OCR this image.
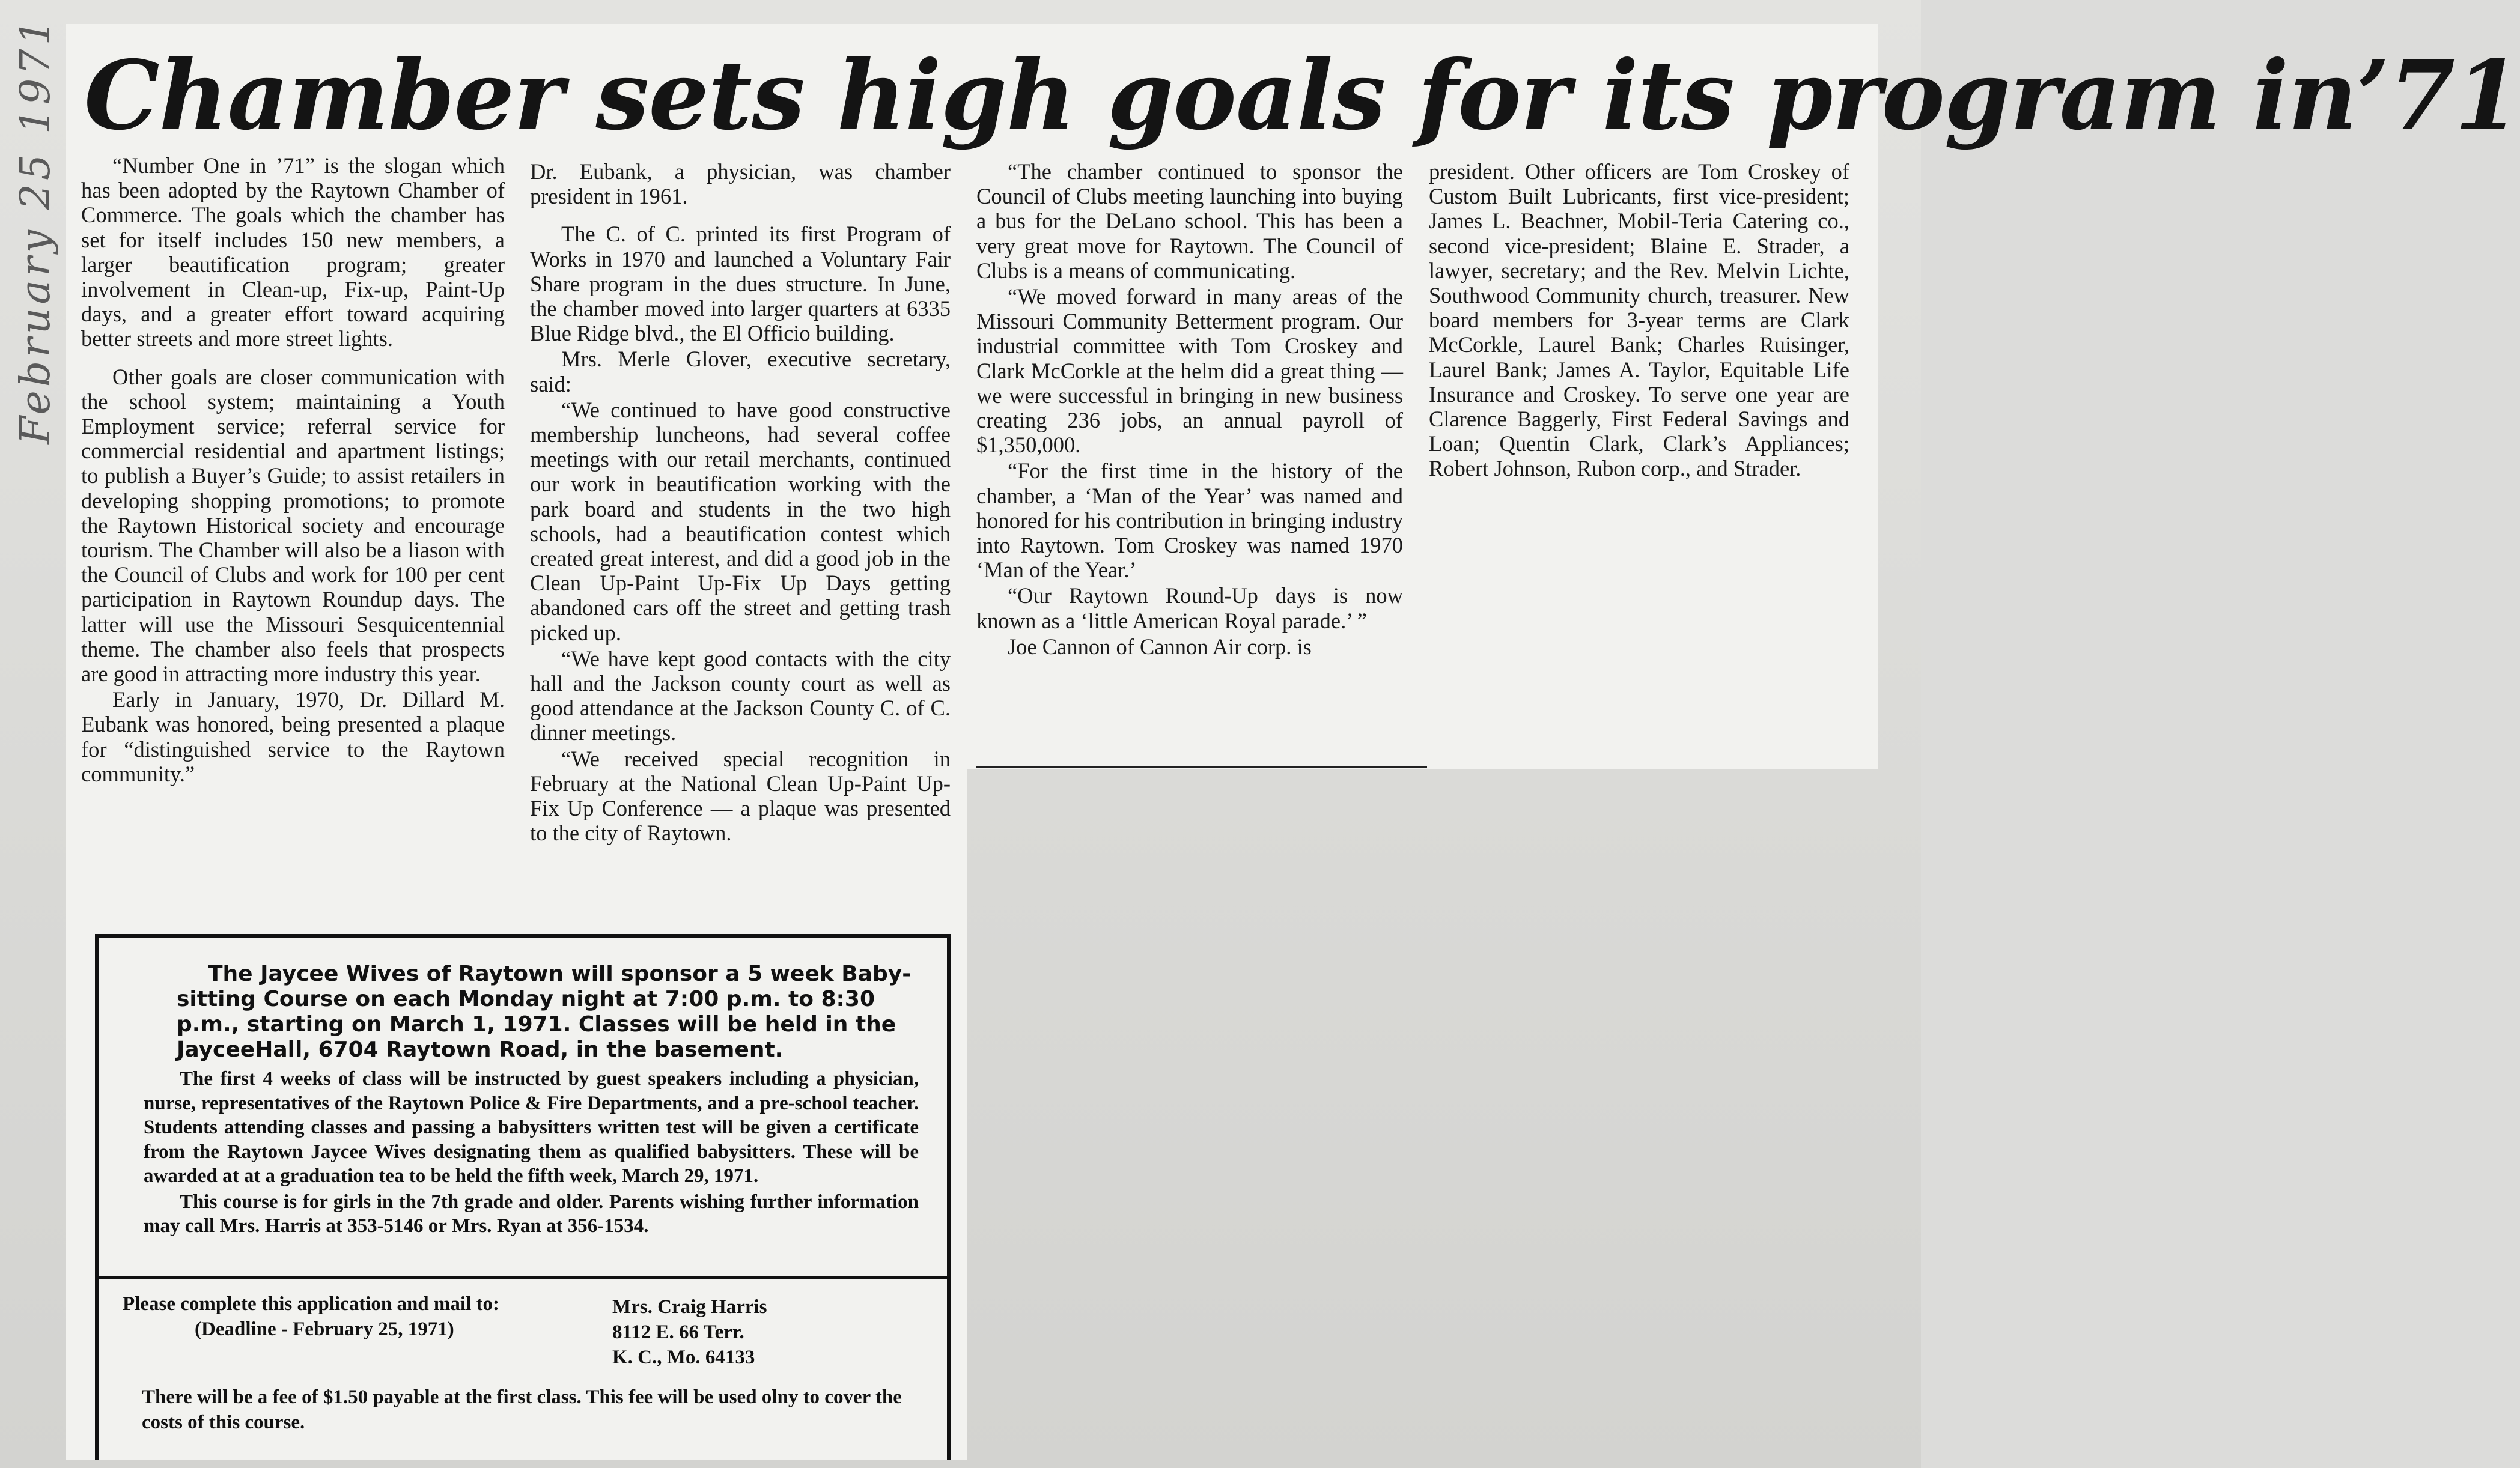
February 25 1971 Chamber sets high goals for its program in’71

“Number One in ’71” is the slogan which has been adopted by the Raytown Chamber of Commerce. The goals which the chamber has set for itself includes 150 new members, a larger beautification program; greater involvement in Clean-up, Fix-up, Paint-Up days, and a greater effort toward acquiring better streets and more street lights.

Other goals are closer communication with the school system; maintaining a Youth Employment service; referral service for commercial residential and apartment listings; to publish a Buyer’s Guide; to assist retailers in developing shopping promotions; to promote the Raytown Historical society and encourage tourism. The Chamber will also be a liason with the Council of Clubs and work for 100 per cent participation in Raytown Roundup days. The latter will use the Missouri Sesquicentennial theme. The chamber also feels that prospects are good in attracting more industry this year.

Early in January, 1970, Dr. Dillard M. Eubank was honored, being presented a plaque for “distinguished service to the Raytown community.”

Dr. Eubank, a physician, was chamber president in 1961.

The C. of C. printed its first Program of Works in 1970 and launched a Voluntary Fair Share program in the dues structure. In June, the chamber moved into larger quarters at 6335 Blue Ridge blvd., the El Officio building.

Mrs. Merle Glover, executive secretary, said:

“We continued to have good constructive membership luncheons, had several coffee meetings with our retail merchants, continued our work in beautification working with the park board and students in the two high schools, had a beautification contest which created great interest, and did a good job in the Clean Up-Paint Up-Fix Up Days getting abandoned cars off the street and getting trash picked up.

“We have kept good contacts with the city hall and the Jackson county court as well as good attendance at the Jackson County C. of C. dinner meetings.

“We received special recognition in February at the National Clean Up-Paint Up-Fix Up Conference — a plaque was presented to the city of Raytown.

“The chamber continued to sponsor the Council of Clubs meeting launching into buying a bus for the DeLano school. This has been a very great move for Raytown. The Council of Clubs is a means of communicating.

“We moved forward in many areas of the Missouri Community Betterment program. Our industrial committee with Tom Croskey and Clark McCorkle at the helm did a great thing — we were successful in bringing in new business creating 236 jobs, an annual payroll of $1,350,000.

“For the first time in the history of the chamber, a ‘Man of the Year’ was named and honored for his contribution in bringing industry into Raytown. Tom Croskey was named 1970 ‘Man of the Year.’

“Our Raytown Round-Up days is now known as a ‘little American Royal parade.’ ”

Joe Cannon of Cannon Air corp. is

president. Other officers are Tom Croskey of Custom Built Lubricants, first vice-president; James L. Beachner, Mobil-Teria Catering co., second vice-president; Blaine E. Strader, a lawyer, secretary; and the Rev. Melvin Lichte, Southwood Community church, treasurer. New board members for 3-year terms are Clark McCorkle, Laurel Bank; Charles Ruisinger, Laurel Bank; James A. Taylor, Equitable Life Insurance and Croskey. To serve one year are Clarence Baggerly, First Federal Savings and Loan; Quentin Clark, Clark’s Appliances; Robert Johnson, Rubon corp., and Strader.

The Jaycee Wives of Raytown will sponsor a 5 week Baby-sitting Course on each Monday night at 7:00 p.m. to 8:30 p.m., starting on March 1, 1971. Classes will be held in the JayceeHall, 6704 Raytown Road, in the basement.

The first 4 weeks of class will be instructed by guest speakers including a physician, nurse, representatives of the Raytown Police & Fire Departments, and a pre-school teacher. Students attending classes and passing a babysitters written test will be given a certificate from the Raytown Jaycee Wives designating them as qualified babysitters. These will be awarded at at a graduation tea to be held the fifth week, March 29, 1971.

This course is for girls in the 7th grade and older. Parents wishing further information may call Mrs. Harris at 353-5146 or Mrs. Ryan at 356-1534.

Please complete this application and mail to:
(Deadline - February 25, 1971)
Mrs. Craig Harris
8112 E. 66 Terr.
K. C., Mo. 64133

There will be a fee of $1.50 payable at the first class. This fee will be used olny to cover the costs of this course.
